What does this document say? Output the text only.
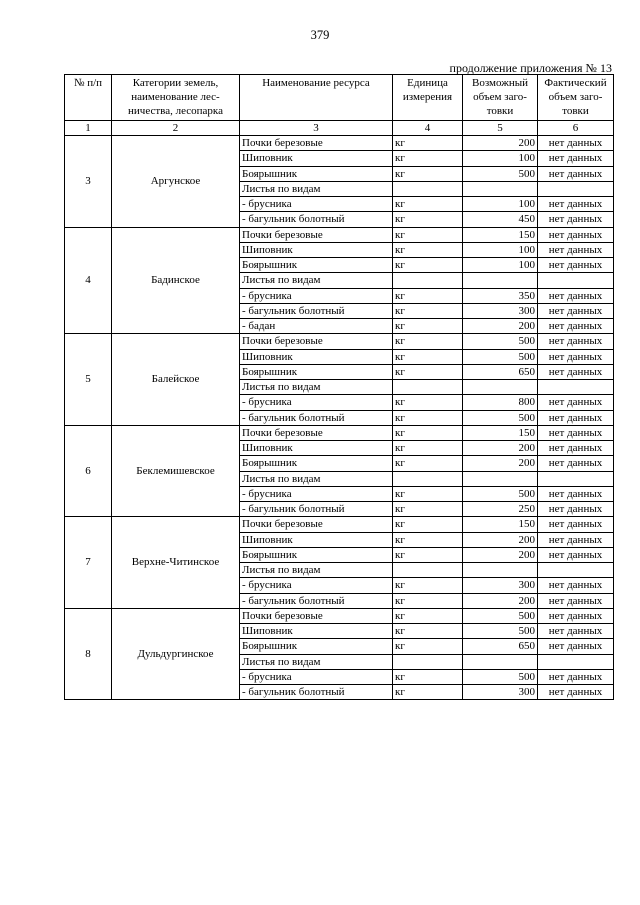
379
продолжение приложения № 13
№ п/п	Категории земель, наименование лес-ничества, лесопарка	Наименование ресурса	Единица измерения	Возможный объем заго-товки	Фактический объем заго-товки
1	2	3	4	5	6
3	Аргунское	Почки березовые	кг	200	нет данных
		Шиповник	кг	100	нет данных
		Боярышник	кг	500	нет данных
		Листья по видам			
		- брусника	кг	100	нет данных
		- багульник болотный	кг	450	нет данных
4	Бадинское	Почки березовые	кг	150	нет данных
		Шиповник	кг	100	нет данных
		Боярышник	кг	100	нет данных
		Листья по видам			
		- брусника	кг	350	нет данных
		- багульник болотный	кг	300	нет данных
		- бадан	кг	200	нет данных
5	Балейское	Почки березовые	кг	500	нет данных
		Шиповник	кг	500	нет данных
		Боярышник	кг	650	нет данных
		Листья по видам			
		- брусника	кг	800	нет данных
		- багульник болотный	кг	500	нет данных
6	Беклемишевское	Почки березовые	кг	150	нет данных
		Шиповник	кг	200	нет данных
		Боярышник	кг	200	нет данных
		Листья по видам			
		- брусника	кг	500	нет данных
		- багульник болотный	кг	250	нет данных
7	Верхне-Читинское	Почки березовые	кг	150	нет данных
		Шиповник	кг	200	нет данных
		Боярышник	кг	200	нет данных
		Листья по видам			
		- брусника	кг	300	нет данных
		- багульник болотный	кг	200	нет данных
8	Дульдургинское	Почки березовые	кг	500	нет данных
		Шиповник	кг	500	нет данных
		Боярышник	кг	650	нет данных
		Листья по видам			
		- брусника	кг	500	нет данных
		- багульник болотный	кг	300	нет данных
